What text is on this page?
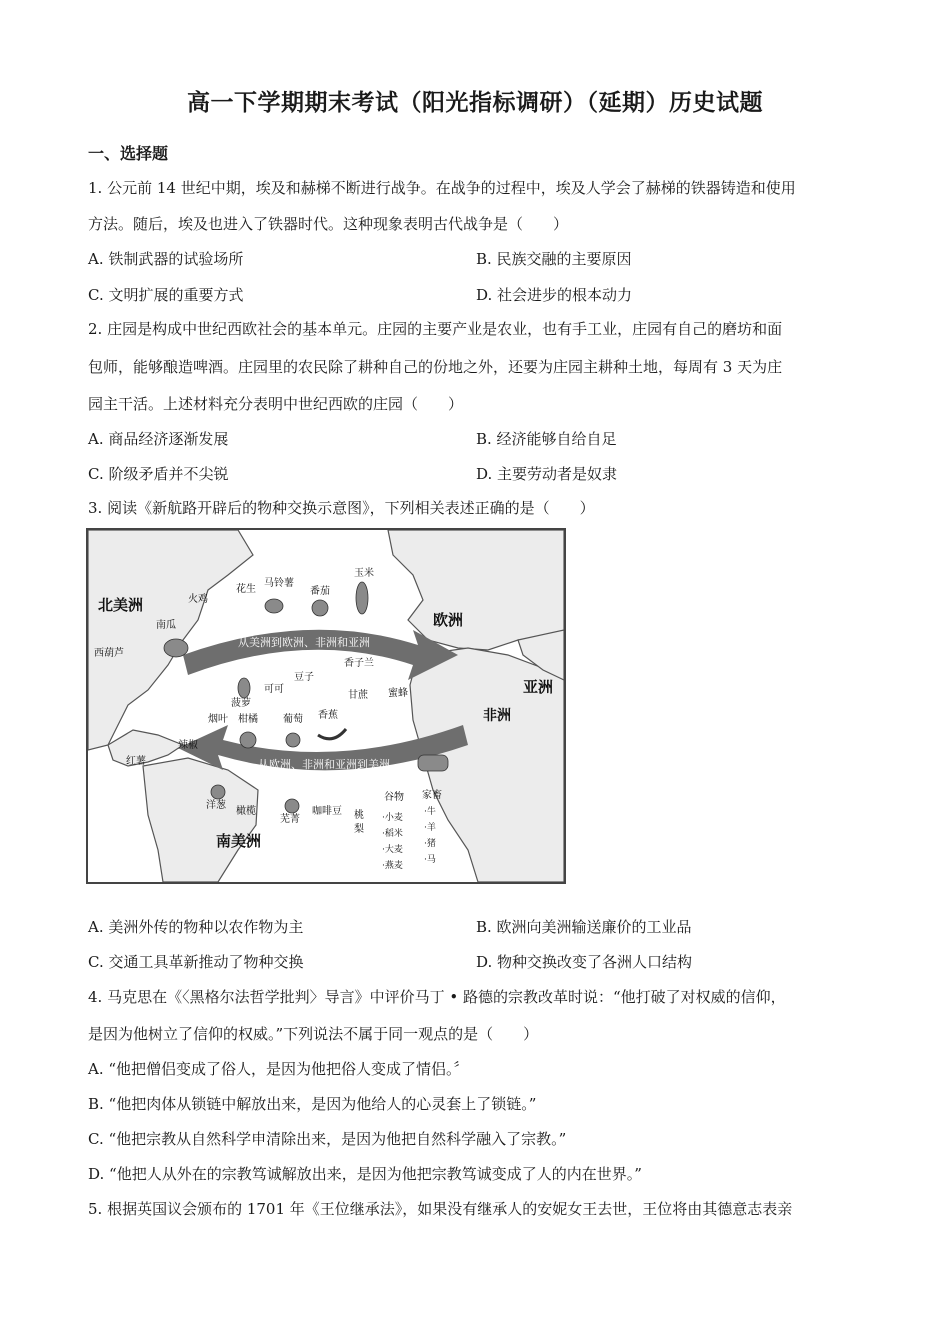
高一下学期期末考试（阳光指标调研）（延期）历史试题
一、选择题
1. 公元前 14 世纪中期，埃及和赫梯不断进行战争。在战争的过程中，埃及人学会了赫梯的铁器铸造和使用
方法。随后，埃及也进入了铁器时代。这种现象表明古代战争是（　　）
A. 铁制武器的试验场所	B. 民族交融的主要原因
C. 文明扩展的重要方式	D. 社会进步的根本动力
2. 庄园是构成中世纪西欧社会的基本单元。庄园的主要产业是农业，也有手工业，庄园有自己的磨坊和面
包师，能够酿造啤酒。庄园里的农民除了耕种自己的份地之外，还要为庄园主耕种土地，每周有 3 天为庄
园主干活。上述材料充分表明中世纪西欧的庄园（　　）
A. 商品经济逐渐发展	B. 经济能够自给自足
C. 阶级矛盾并不尖锐	D. 主要劳动者是奴隶
3. 阅读《新航路开辟后的物种交换示意图》，下列相关表述正确的是（　　）
北美洲
南美洲
欧洲
亚洲
非洲
从美洲到欧洲、非洲和亚洲
从欧洲、非洲和亚洲到美洲
火鸡
花生
马铃薯
番茄
玉米
南瓜
西葫芦
可可
豆子
菠萝
烟叶
红薯
辣椒
香子兰
甘蔗 蜜蜂
柑橘	葡萄 香蕉
洋葱
橄榄
芜菁
咖啡豆 桃
梨
谷物
·小麦
·稻米
·大麦
·燕麦
家畜
·牛
·羊
·猪
·马
A. 美洲外传的物种以农作物为主	B. 欧洲向美洲输送廉价的工业品
C. 交通工具革新推动了物种交换	D. 物种交换改变了各洲人口结构
4. 马克思在《〈黑格尔法哲学批判〉导言》中评价马丁 • 路德的宗教改革时说：“他打破了对权威的信仰，
是因为他树立了信仰的权威。”下列说法不属于同一观点的是（　　）
A. “他把僧侣变成了俗人，是因为他把俗人变成了情侣。〞
B. “他把肉体从锁链中解放出来，是因为他给人的心灵套上了锁链。”
C. “他把宗教从自然科学申清除出来，是因为他把自然科学融入了宗教。”
D. “他把人从外在的宗教笃诚解放出来，是因为他把宗教笃诚变成了人的内在世界。”
5. 根据英国议会颁布的 1701 年《王位继承法》，如果没有继承人的安妮女王去世，王位将由其德意志表亲
